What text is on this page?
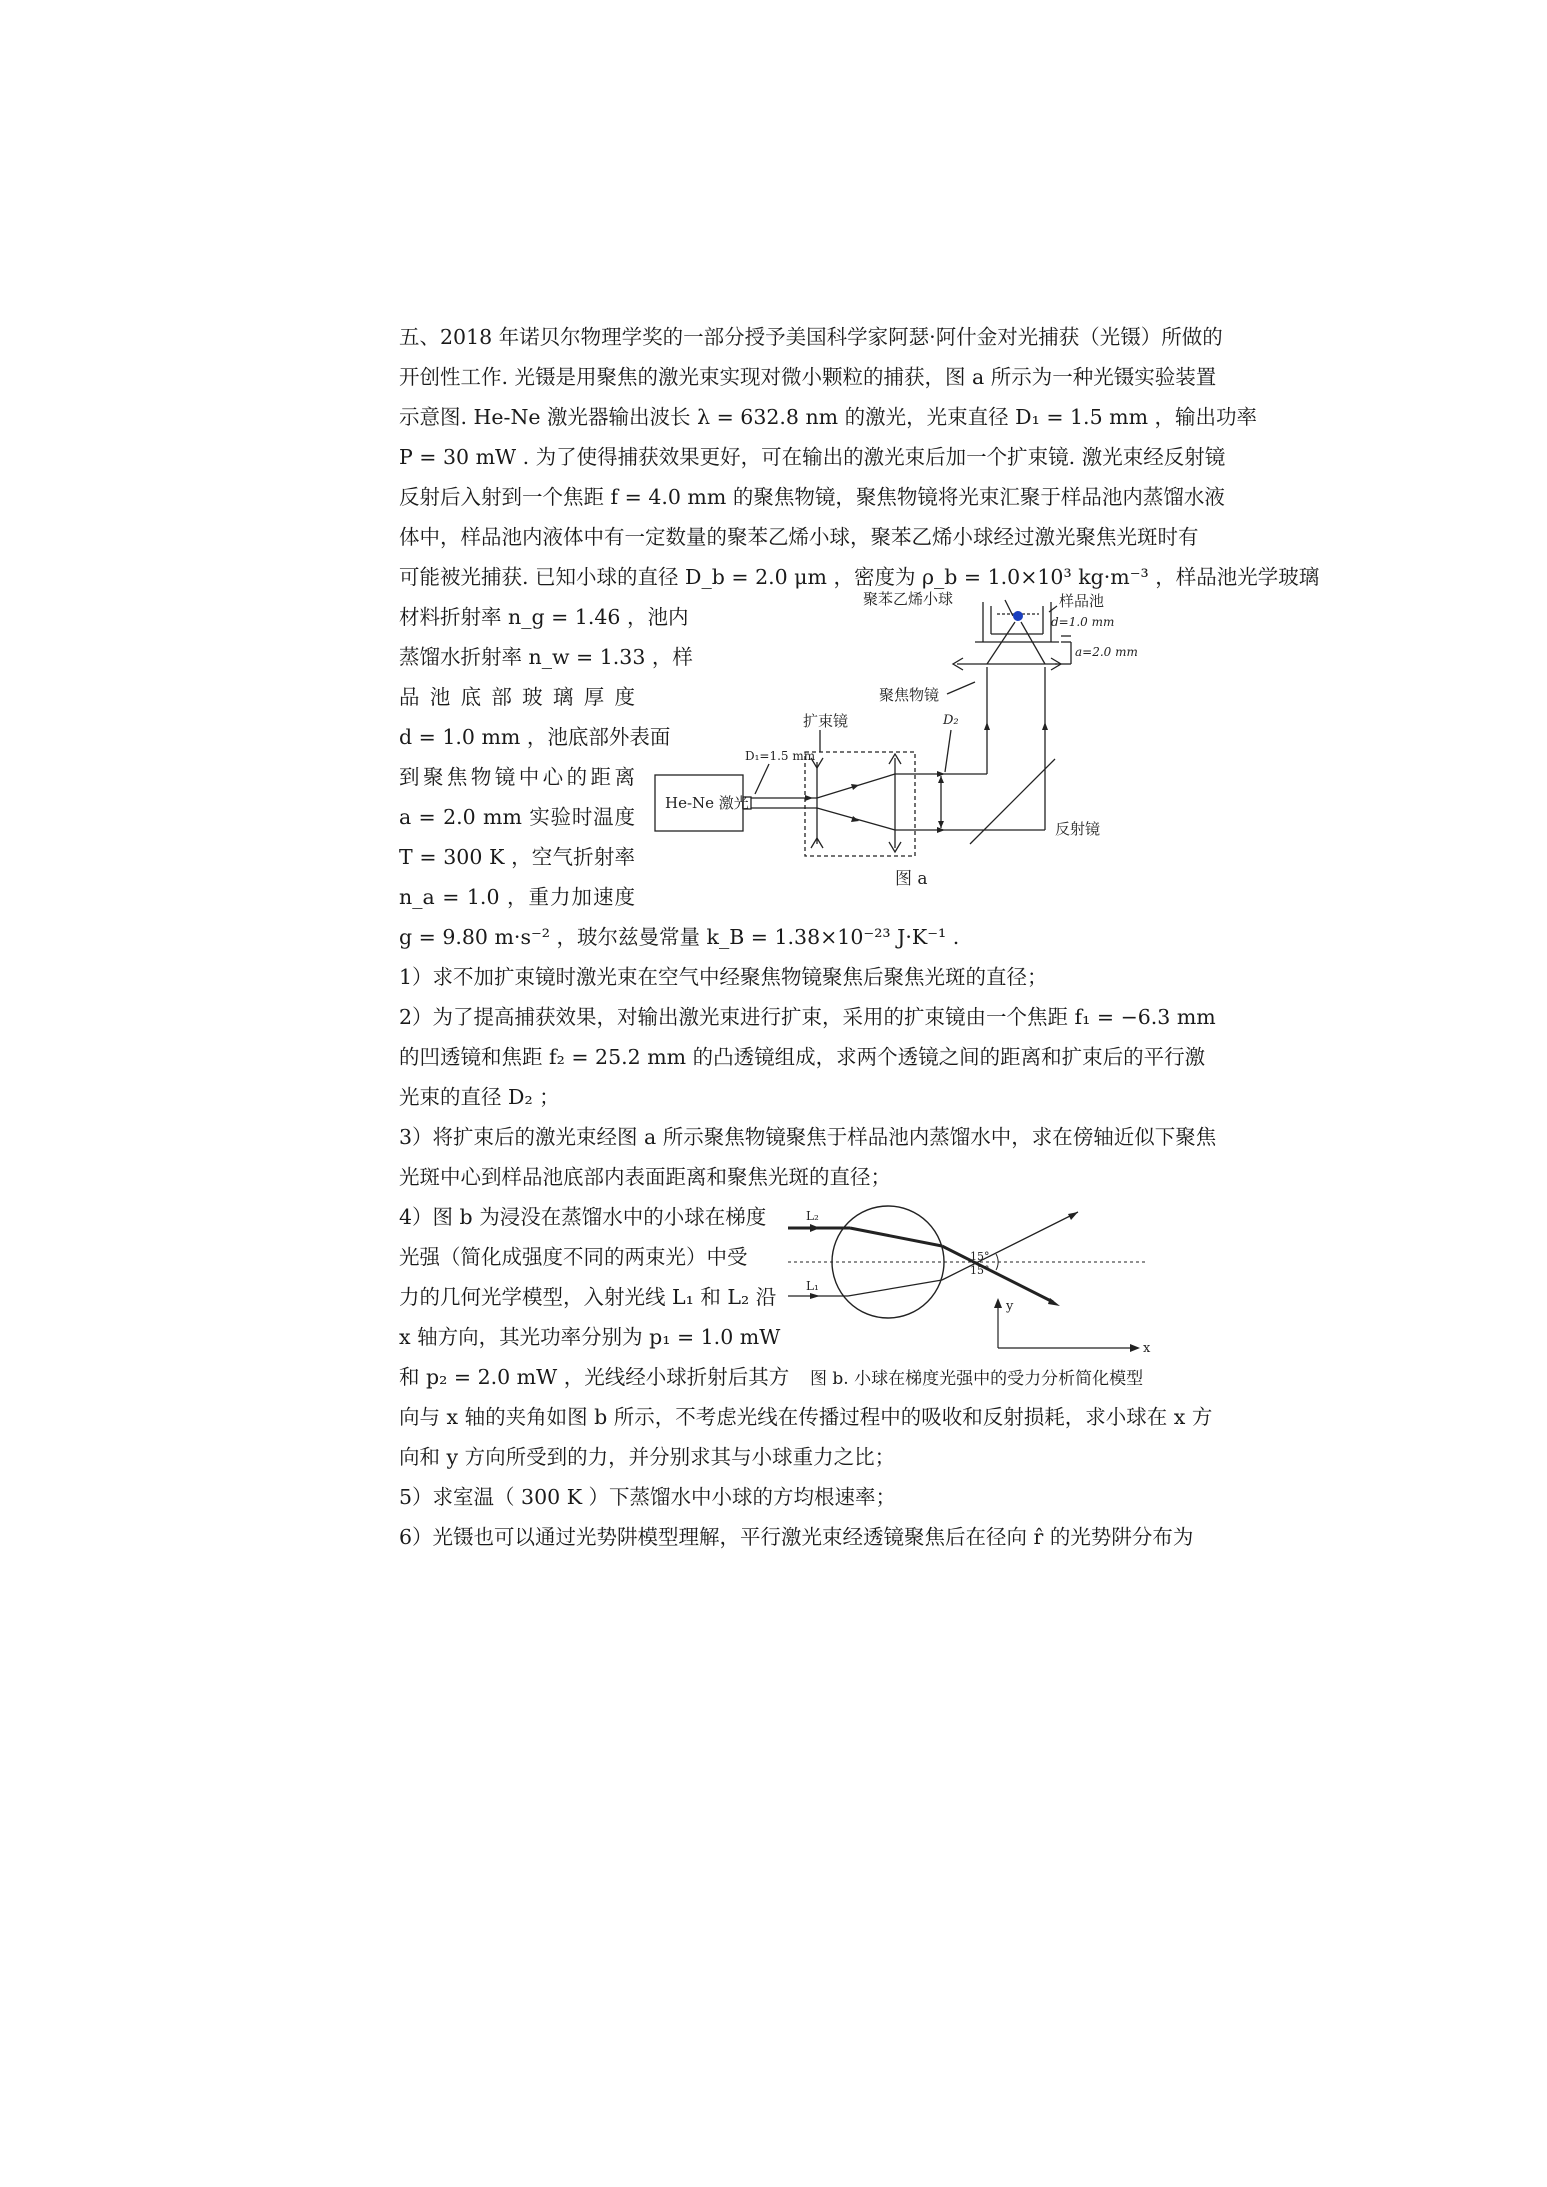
五、2018 年诺贝尔物理学奖的一部分授予美国科学家阿瑟·阿什金对光捕获（光镊）所做的
开创性工作. 光镊是用聚焦的激光束实现对微小颗粒的捕获，图 a 所示为一种光镊实验装置
示意图. He-Ne 激光器输出波长 λ = 632.8 nm 的激光，光束直径 D₁ = 1.5 mm ，输出功率
P = 30 mW . 为了使得捕获效果更好，可在输出的激光束后加一个扩束镜. 激光束经反射镜
反射后入射到一个焦距 f = 4.0 mm 的聚焦物镜，聚焦物镜将光束汇聚于样品池内蒸馏水液
体中，样品池内液体中有一定数量的聚苯乙烯小球，聚苯乙烯小球经过激光聚焦光斑时有
可能被光捕获. 已知小球的直径 D_b = 2.0 μm ，密度为 ρ_b = 1.0×10³ kg·m⁻³ ，样品池光学玻璃
材料折射率 n_g = 1.46 ，池内
蒸馏水折射率 n_w = 1.33 ，样
品池底部玻璃厚度
d = 1.0 mm ，池底部外表面
到聚焦物镜中心的距离
a = 2.0 mm 实验时温度
T = 300 K ，空气折射率
n_a = 1.0 ，重力加速度
g = 9.80 m·s⁻² ，玻尔兹曼常量 k_B = 1.38×10⁻²³ J·K⁻¹ .
聚苯乙烯小球	样品池
d=1.0 mm
a=2.0 mm
聚焦物镜
扩束镜
D₁=1.5 mm
D₂
He-Ne 激光
反射镜
图 a
1）求不加扩束镜时激光束在空气中经聚焦物镜聚焦后聚焦光斑的直径；
2）为了提高捕获效果，对输出激光束进行扩束，采用的扩束镜由一个焦距 f₁ = −6.3 mm
的凹透镜和焦距 f₂ = 25.2 mm 的凸透镜组成，求两个透镜之间的距离和扩束后的平行激
光束的直径 D₂ ；
3）将扩束后的激光束经图 a 所示聚焦物镜聚焦于样品池内蒸馏水中，求在傍轴近似下聚焦
光斑中心到样品池底部内表面距离和聚焦光斑的直径；
4）图 b 为浸没在蒸馏水中的小球在梯度
光强（简化成强度不同的两束光）中受
力的几何光学模型，入射光线 L₁ 和 L₂ 沿
x 轴方向，其光功率分别为 p₁ = 1.0 mW
和 p₂ = 2.0 mW ，光线经小球折射后其方
向与 x 轴的夹角如图 b 所示，不考虑光线在传播过程中的吸收和反射损耗，求小球在 x 方
向和 y 方向所受到的力，并分别求其与小球重力之比；
L₂
L₁
15°
15°
y
x
图 b. 小球在梯度光强中的受力分析简化模型
5）求室温（ 300 K ）下蒸馏水中小球的方均根速率；
6）光镊也可以通过光势阱模型理解，平行激光束经透镜聚焦后在径向 r̂ 的光势阱分布为
